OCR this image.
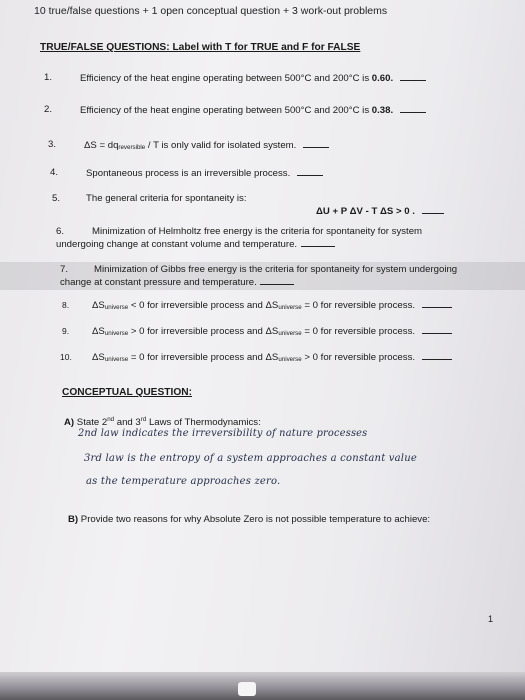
10 true/false questions + 1 open conceptual question + 3 work-out problems
TRUE/FALSE QUESTIONS: Label with T for TRUE and F for FALSE
1.	Efficiency of the heat engine operating between 500°C and 200°C is 0.60.
2.	Efficiency of the heat engine operating between 500°C and 200°C is 0.38.
3.	ΔS = dqreversible / T is only valid for isolated system.
4.	Spontaneous process is an irreversible process.
5.	The general criteria for spontaneity is:
ΔU + P ΔV - T ΔS > 0 .
6.	Minimization of Helmholtz free energy is the criteria for spontaneity for system
undergoing change at constant volume and temperature.
7.	Minimization of Gibbs free energy is the criteria for spontaneity for system undergoing
change at constant pressure and temperature.
8. ΔSuniverse < 0 for irreversible process and ΔSuniverse = 0 for reversible process.
9. ΔSuniverse > 0 for irreversible process and ΔSuniverse = 0 for reversible process.
10. ΔSuniverse = 0 for irreversible process and ΔSuniverse > 0 for reversible process.
CONCEPTUAL QUESTION:
A) State 2nd and 3rd Laws of Thermodynamics:
2nd law indicates the irreversibility of nature processes
3rd law is the entropy of a system approaches a constant value
as the temperature approaches zero.
B) Provide two reasons for why Absolute Zero is not possible temperature to achieve:
1
